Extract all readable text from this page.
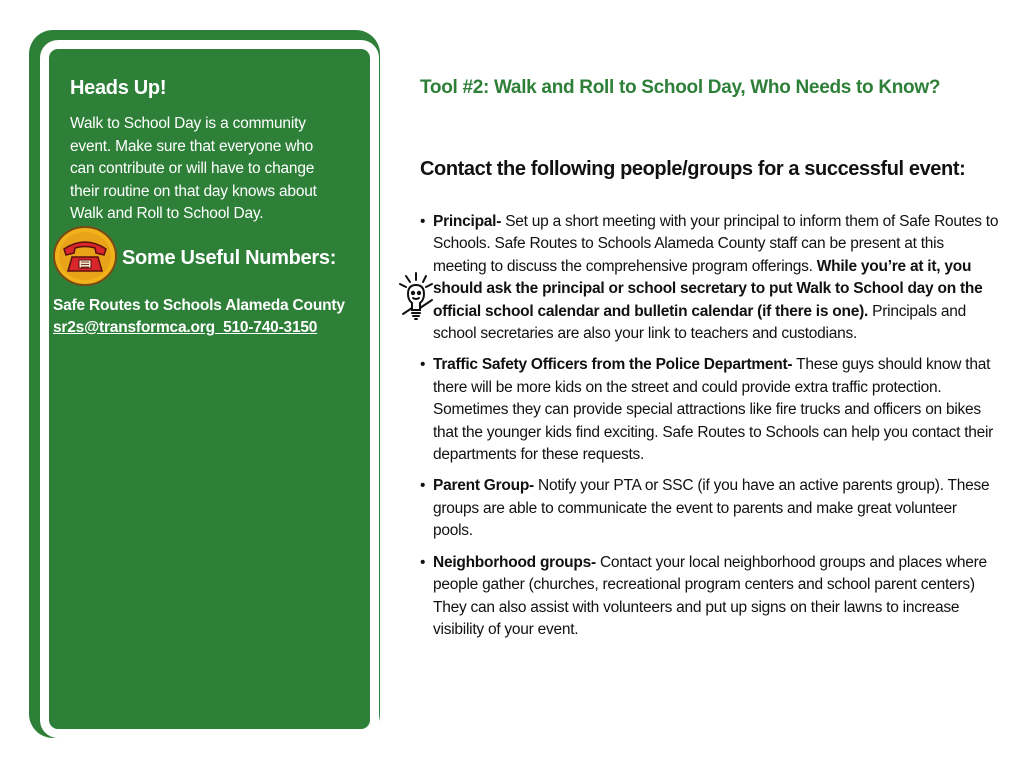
Heads Up!

Walk to School Day is a community event. Make sure that everyone who can contribute or will have to change their routine on that day knows about Walk and Roll to School Day.

Some Useful Numbers:

Safe Routes to Schools Alameda County

sr2s@transformca.org  510-740-3150

Tool #2: Walk and Roll to School Day, Who Needs to Know?
Contact the following people/groups for a successful event:
• Principal- Set up a short meeting with your principal to inform them of Safe Routes to Schools. Safe Routes to Schools Alameda County staff can be present at this meeting to discuss the comprehensive program offerings. While you’re at it, you should ask the principal or school secretary to put Walk to School day on the official school calendar and bulletin calendar (if there is one). Principals and school secretaries are also your link to teachers and custodians.
• Traffic Safety Officers from the Police Department- These guys should know that there will be more kids on the street and could provide extra traffic protection. Sometimes they can provide special attractions like fire trucks and officers on bikes that the younger kids find exciting. Safe Routes to Schools can help you contact their departments for these requests.
• Parent Group- Notify your PTA or SSC (if you have an active parents group). These groups are able to communicate the event to parents and make great volunteer pools.
• Neighborhood groups- Contact your local neighborhood groups and places where people gather (churches, recreational program centers and school parent centers) They can also assist with volunteers and put up signs on their lawns to increase visibility of your event.
